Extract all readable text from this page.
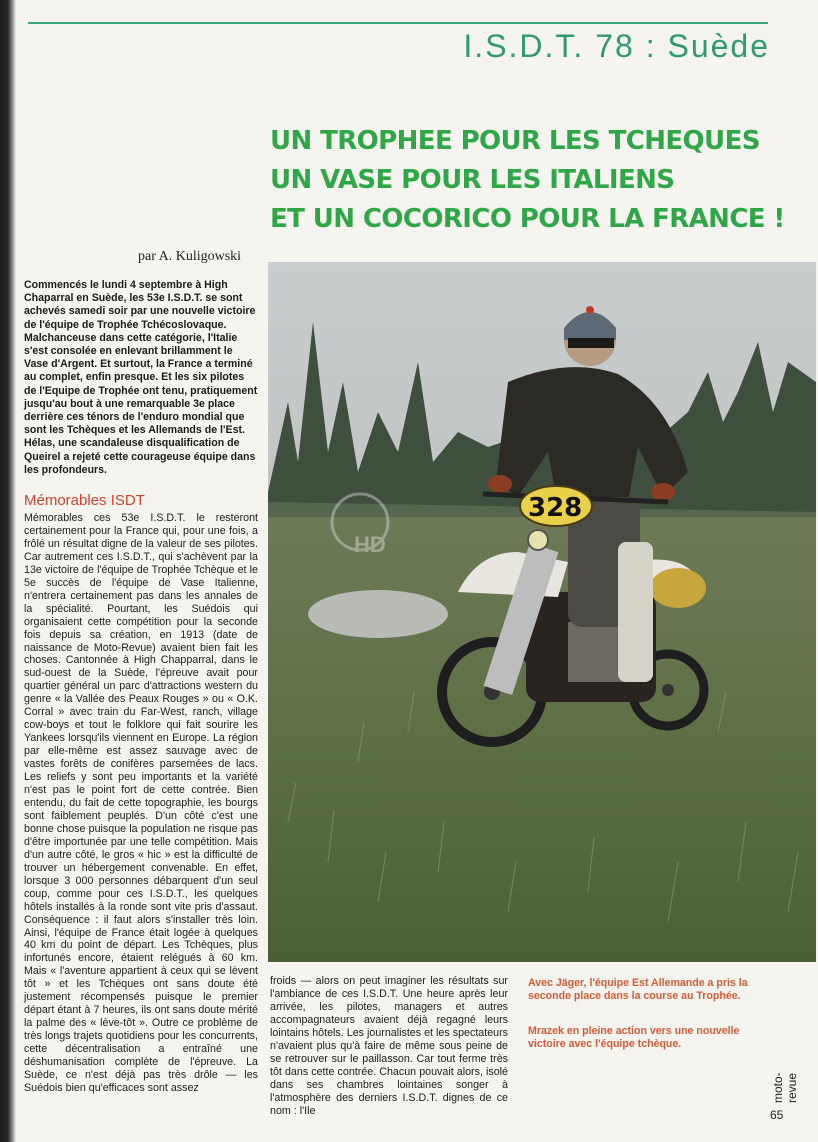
I.S.D.T. 78 : Suède
UN TROPHEE POUR LES TCHEQUES
UN VASE POUR LES ITALIENS
ET UN COCORICO POUR LA FRANCE !
par A. Kuligowski
Commencés le lundi 4 septembre à High Chaparral en Suède, les 53e I.S.D.T. se sont achevés samedi soir par une nouvelle victoire de l'équipe de Trophée Tchécoslovaque. Malchanceuse dans cette catégorie, l'Italie s'est consolée en enlevant brillamment le Vase d'Argent. Et surtout, la France a terminé au complet, enfin presque. Et les six pilotes de l'Equipe de Trophée ont tenu, pratiquement jusqu'au bout à une remarquable 3e place derrière ces ténors de l'enduro mondial que sont les Tchèques et les Allemands de l'Est. Hélas, une scandaleuse disqualification de Queirel a rejeté cette courageuse équipe dans les profondeurs.
Mémorables ISDT
Mémorables ces 53e I.S.D.T. le resteront certainement pour la France qui, pour une fois, a frôlé un résultat digne de la valeur de ses pilotes. Car autrement ces I.S.D.T., qui s'achèvent par la 13e victoire de l'équipe de Trophée Tchèque et le 5e succès de l'équipe de Vase Italienne, n'entrera certainement pas dans les annales de la spécialité. Pourtant, les Suédois qui organisaient cette compétition pour la seconde fois depuis sa création, en 1913 (date de naissance de Moto-Revue) avaient bien fait les choses. Cantonnée à High Chapparral, dans le sud-ouest de la Suède, l'épreuve avait pour quartier général un parc d'attractions western du genre « la Vallée des Peaux Rouges » ou « O.K. Corral » avec train du Far-West, ranch, village cow-boys et tout le folklore qui fait sourire les Yankees lorsqu'ils viennent en Europe. La région par elle-même est assez sauvage avec de vastes forêts de conifères parsemées de lacs. Les reliefs y sont peu importants et la variété n'est pas le point fort de cette contrée. Bien entendu, du fait de cette topographie, les bourgs sont faiblement peuplés. D'un côté c'est une bonne chose puisque la population ne risque pas d'être importunée par une telle compétition. Mais d'un autre côté, le gros « hic » est la difficulté de trouver un hébergement convenable. En effet, lorsque 3 000 personnes débarquent d'un seul coup, comme pour ces I.S.D.T., les quelques hôtels installés à la ronde sont vite pris d'assaut. Conséquence : il faut alors s'installer très loin. Ainsi, l'équipe de France était logée à quelques 40 km du point de départ. Les Tchèques, plus infortunés encore, étaient relégués à 60 km. Mais « l'aventure appartient à ceux qui se lèvent tôt » et les Tchèques ont sans doute été justement récompensés puisque le premier départ étant à 7 heures, ils ont sans doute mérité la palme des « lève-tôt ». Outre ce problème de très longs trajets quotidiens pour les concurrents, cette décentralisation a entraîné une déshumanisation complète de l'épreuve. La Suède, ce n'est déjà pas très drôle — les Suédois bien qu'efficaces sont assez
HD
328
froids — alors on peut imaginer les résultats sur l'ambiance de ces I.S.D.T. Une heure après leur arrivée, les pilotes, managers et autres accompagnateurs avaient déjà regagné leurs lointains hôtels. Les journalistes et les spectateurs n'avaient plus qu'à faire de même sous peine de se retrouver sur le paillasson. Car tout ferme très tôt dans cette contrée. Chacun pouvait alors, isolé dans ses chambres lointaines songer à l'atmosphère des derniers I.S.D.T. dignes de ce nom : l'Ile
Avec Jäger, l'équipe Est Allemande a pris la seconde place dans la course au Trophée.
Mrazek en pleine action vers une nouvelle victoire avec l'équipe tchèque.
moto-revue
65
